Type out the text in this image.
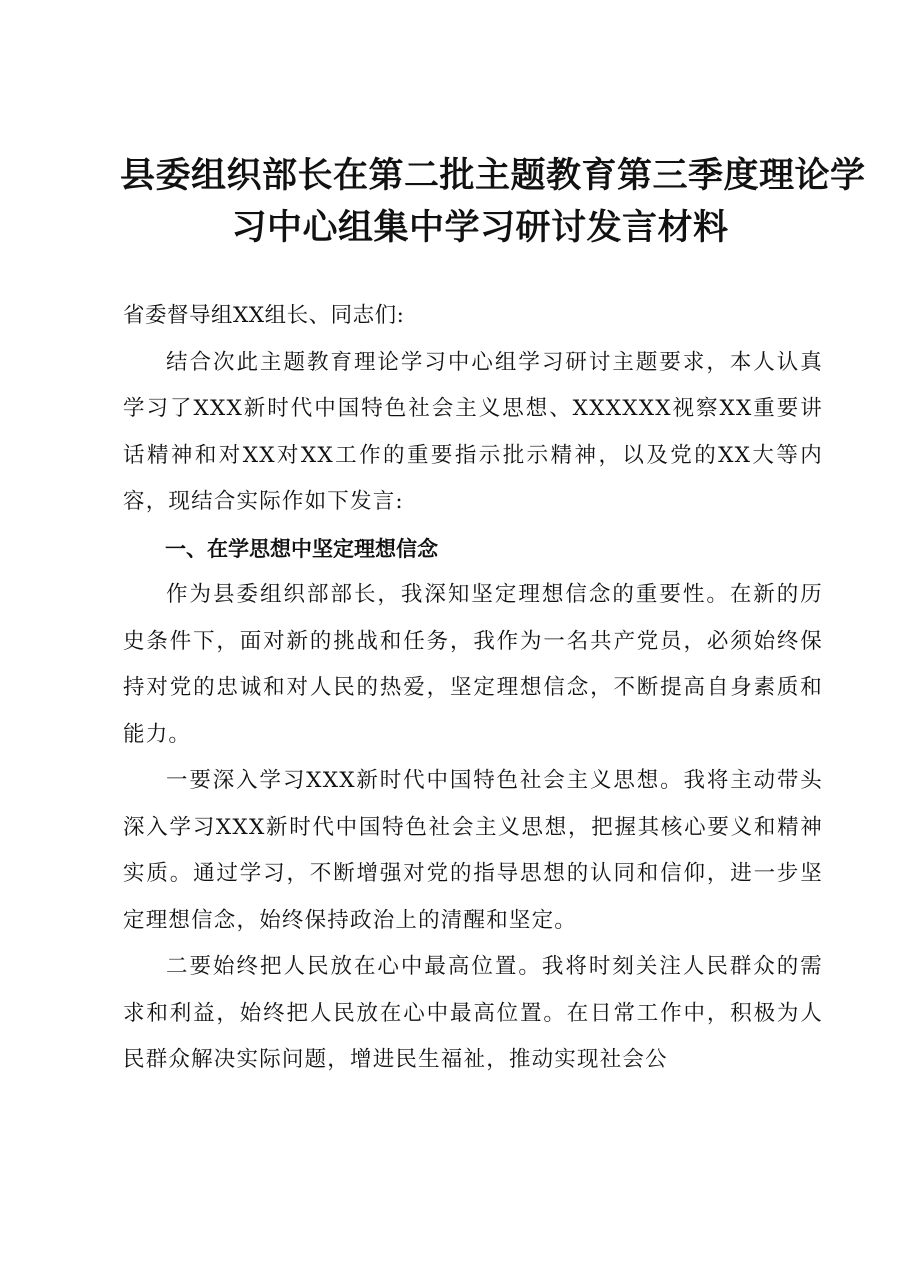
县委组织部长在第二批主题教育第三季度理论学
习中心组集中学习研讨发言材料

省委督导组XX组长、同志们:

结合次此主题教育理论学习中心组学习研讨主题要求，本人认真学习了XXX新时代中国特色社会主义思想、XXXXXX视察XX重要讲话精神和对XX对XX工作的重要指示批示精神，以及党的XX大等内容，现结合实际作如下发言:

一、在学思想中坚定理想信念

作为县委组织部部长，我深知坚定理想信念的重要性。在新的历史条件下，面对新的挑战和任务，我作为一名共产党员，必须始终保持对党的忠诚和对人民的热爱，坚定理想信念，不断提高自身素质和能力。

一要深入学习XXX新时代中国特色社会主义思想。我将主动带头深入学习XXX新时代中国特色社会主义思想，把握其核心要义和精神实质。通过学习，不断增强对党的指导思想的认同和信仰，进一步坚定理想信念，始终保持政治上的清醒和坚定。

二要始终把人民放在心中最高位置。我将时刻关注人民群众的需求和利益，始终把人民放在心中最高位置。在日常工作中，积极为人民群众解决实际问题，增进民生福祉，推动实现社会公
